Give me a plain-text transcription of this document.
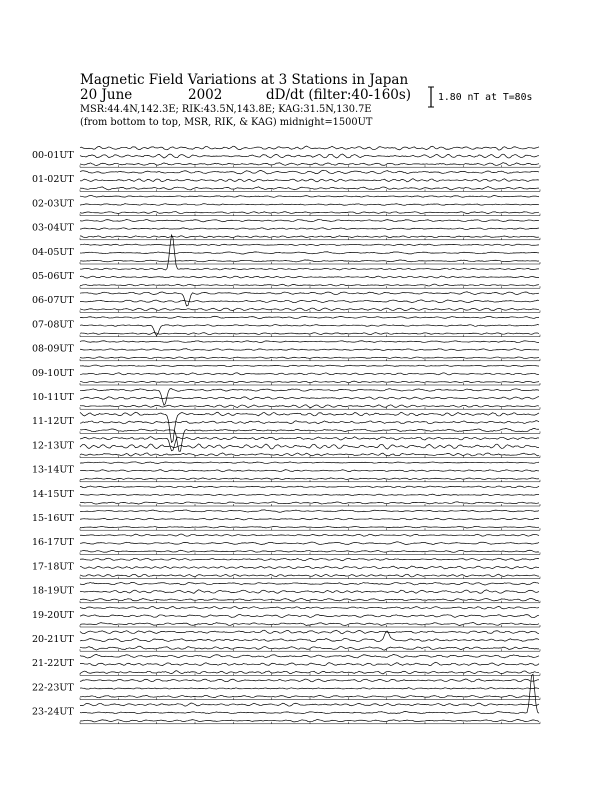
Magnetic Field Variations at 3 Stations in Japan
20 June	2002	dD/dt (filter:40-160s)
MSR:44.4N,142.3E; RIK:43.5N,143.8E; KAG:31.5N,130.7E
(from bottom to top, MSR, RIK, & KAG) midnight=1500UT
1.80 nT at T=80s
00-01UT
01-02UT
02-03UT
03-04UT
04-05UT
05-06UT
06-07UT
07-08UT
08-09UT
09-10UT
10-11UT
11-12UT
12-13UT
13-14UT
14-15UT
15-16UT
16-17UT
17-18UT
18-19UT
19-20UT
20-21UT
21-22UT
22-23UT
23-24UT
